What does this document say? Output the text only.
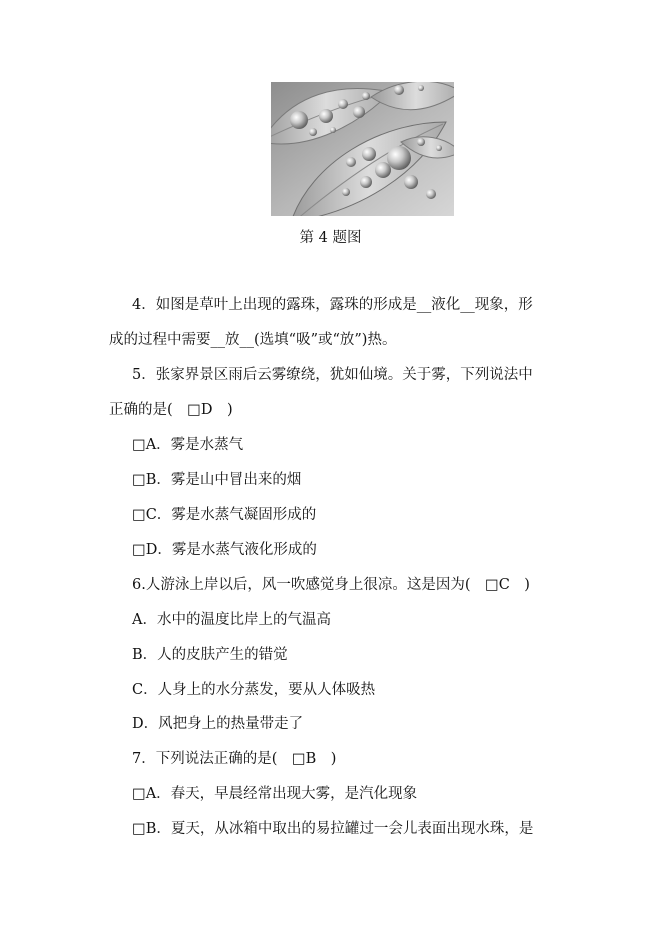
第 4 题图
4．如图是草叶上出现的露珠，露珠的形成是__液化__现象，形
成的过程中需要__放__(选填“吸”或“放”)热。
5．张家界景区雨后云雾缭绕，犹如仙境。关于雾，下列说法中
正确的是(　□D　)
□A．雾是水蒸气
□B．雾是山中冒出来的烟
□C．雾是水蒸气凝固形成的
□D．雾是水蒸气液化形成的
6.人游泳上岸以后，风一吹感觉身上很凉。这是因为(　□C　)
A．水中的温度比岸上的气温高
B．人的皮肤产生的错觉
C．人身上的水分蒸发，要从人体吸热
D．风把身上的热量带走了
7．下列说法正确的是(　□B　)
□A．春天，早晨经常出现大雾，是汽化现象
□B．夏天，从冰箱中取出的易拉罐过一会儿表面出现水珠，是
